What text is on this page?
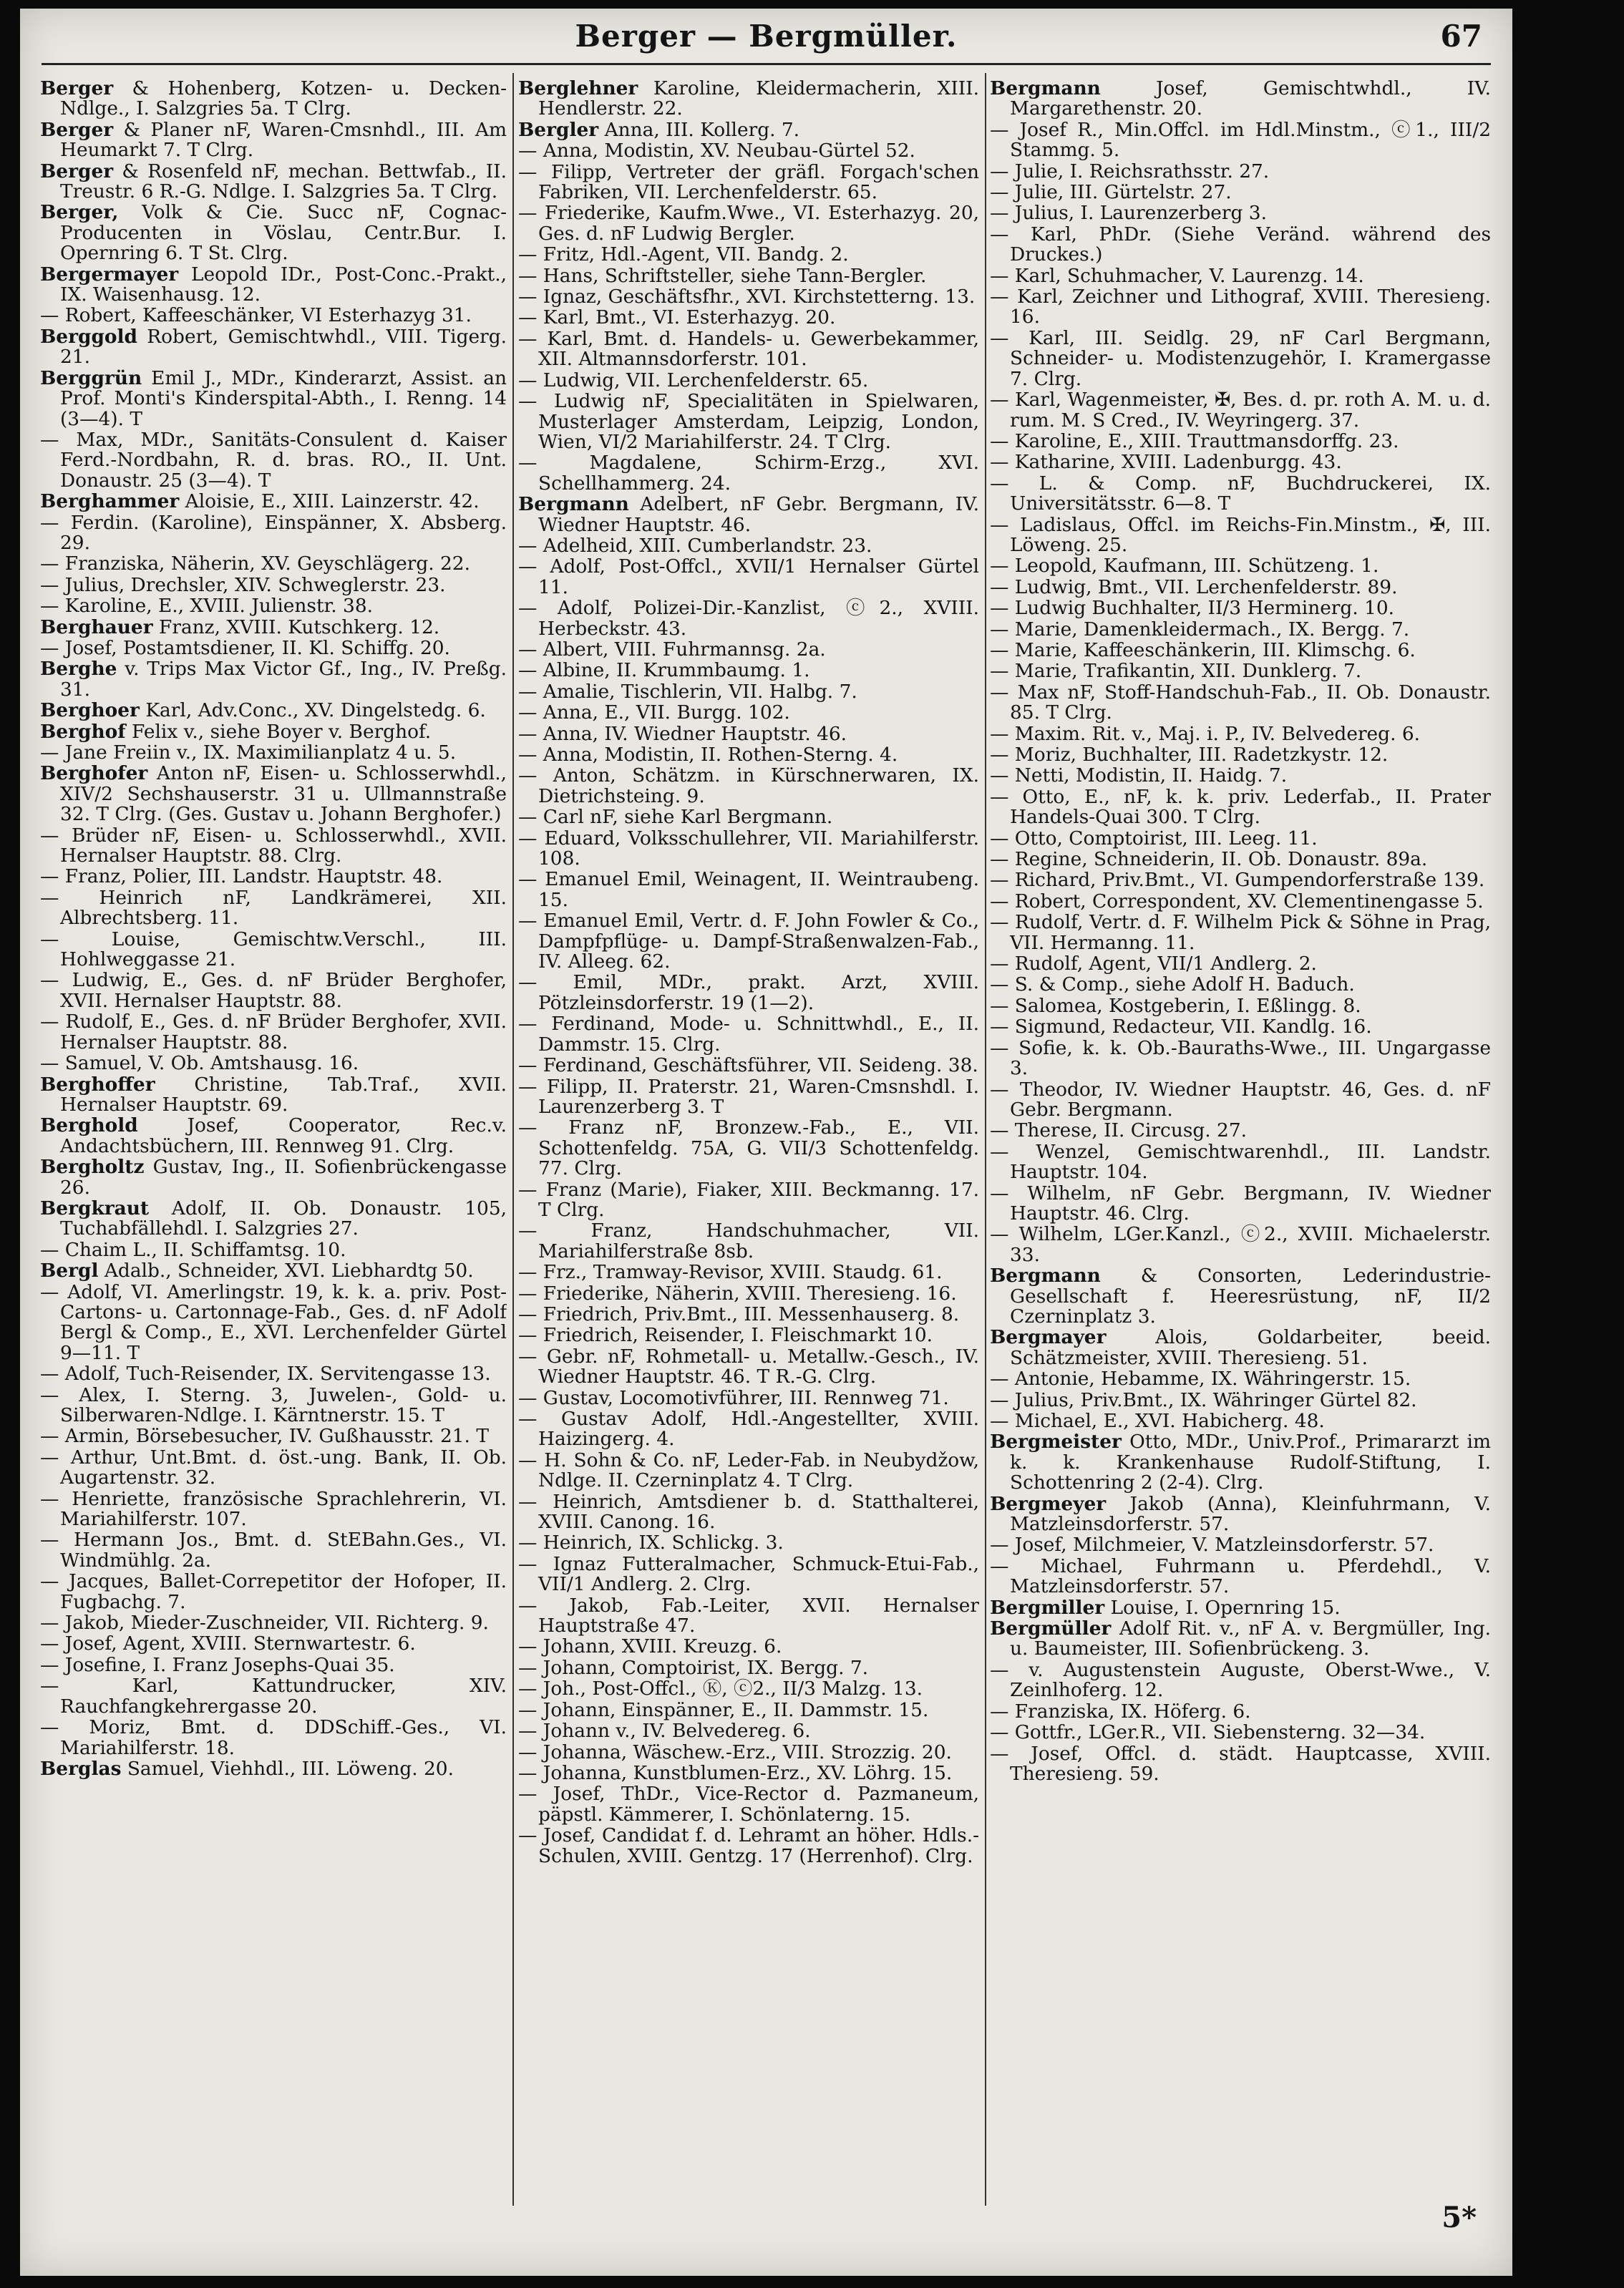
Berger — Bergmüller.	67

Berger & Hohenberg, Kotzen- u. Decken-Ndlge., I. Salzgries 5a. T Clrg.

Berger & Planer nF, Waren-Cmsnhdl., III. Am Heumarkt 7. T Clrg.

Berger & Rosenfeld nF, mechan. Bettwfab., II. Treustr. 6 R.-G. Ndlge. I. Salzgries 5a. T Clrg.

Berger, Volk & Cie. Succ nF, Cognac-Producenten in Vöslau, Centr.Bur. I. Opernring 6. T St. Clrg.

Bergermayer Leopold IDr., Post-Conc.-Prakt., IX. Waisenhausg. 12.

— Robert, Kaffeeschänker, VI Esterhazyg 31.

Berggold Robert, Gemischtwhdl., VIII. Tigerg. 21.

Berggrün Emil J., MDr., Kinderarzt, Assist. an Prof. Monti's Kinderspital-Abth., I. Renng. 14 (3—4). T

— Max, MDr., Sanitäts-Consulent d. Kaiser Ferd.-Nordbahn, R. d. bras. RO., II. Unt. Donaustr. 25 (3—4). T

Berghammer Aloisie, E., XIII. Lainzerstr. 42.

— Ferdin. (Karoline), Einspänner, X. Absberg. 29.

— Franziska, Näherin, XV. Geyschlägerg. 22.

— Julius, Drechsler, XIV. Schweglerstr. 23.

— Karoline, E., XVIII. Julienstr. 38.

Berghauer Franz, XVIII. Kutschkerg. 12.

— Josef, Postamtsdiener, II. Kl. Schiffg. 20.

Berghe v. Trips Max Victor Gf., Ing., IV. Preßg. 31.

Berghoer Karl, Adv.Conc., XV. Dingelstedg. 6.

Berghof Felix v., siehe Boyer v. Berghof.

— Jane Freiin v., IX. Maximilianplatz 4 u. 5.

Berghofer Anton nF, Eisen- u. Schlosserwhdl., XIV/2 Sechshauserstr. 31 u. Ullmannstraße 32. T Clrg. (Ges. Gustav u. Johann Berghofer.)

— Brüder nF, Eisen- u. Schlosserwhdl., XVII. Hernalser Hauptstr. 88. Clrg.

— Franz, Polier, III. Landstr. Hauptstr. 48.

— Heinrich nF, Landkrämerei, XII. Albrechtsberg. 11.

— Louise, Gemischtw.Verschl., III. Hohlweggasse 21.

— Ludwig, E., Ges. d. nF Brüder Berghofer, XVII. Hernalser Hauptstr. 88.

— Rudolf, E., Ges. d. nF Brüder Berghofer, XVII. Hernalser Hauptstr. 88.

— Samuel, V. Ob. Amtshausg. 16.

Berghoffer Christine, Tab.Traf., XVII. Hernalser Hauptstr. 69.

Berghold Josef, Cooperator, Rec.v. Andachtsbüchern, III. Rennweg 91. Clrg.

Bergholtz Gustav, Ing., II. Sofienbrückengasse 26.

Bergkraut Adolf, II. Ob. Donaustr. 105, Tuchabfällehdl. I. Salzgries 27.

— Chaim L., II. Schiffamtsg. 10.

Bergl Adalb., Schneider, XVI. Liebhardtg 50.

— Adolf, VI. Amerlingstr. 19, k. k. a. priv. Post-Cartons- u. Cartonnage-Fab., Ges. d. nF Adolf Bergl & Comp., E., XVI. Lerchenfelder Gürtel 9—11. T

— Adolf, Tuch-Reisender, IX. Servitengasse 13.

— Alex, I. Sterng. 3, Juwelen-, Gold- u. Silberwaren-Ndlge. I. Kärntnerstr. 15. T

— Armin, Börsebesucher, IV. Gußhausstr. 21. T

— Arthur, Unt.Bmt. d. öst.-ung. Bank, II. Ob. Augartenstr. 32.

— Henriette, französische Sprachlehrerin, VI. Mariahilferstr. 107.

— Hermann Jos., Bmt. d. StEBahn.Ges., VI. Windmühlg. 2a.

— Jacques, Ballet-Correpetitor der Hofoper, II. Fugbachg. 7.

— Jakob, Mieder-Zuschneider, VII. Richterg. 9.

— Josef, Agent, XVIII. Sternwartestr. 6.

— Josefine, I. Franz Josephs-Quai 35.

— Karl, Kattundrucker, XIV. Rauchfangkehrergasse 20.

— Moriz, Bmt. d. DDSchiff.-Ges., VI. Mariahilferstr. 18.

Berglas Samuel, Viehhdl., III. Löweng. 20.

Berglehner Karoline, Kleidermacherin, XIII. Hendlerstr. 22.

Bergler Anna, III. Kollerg. 7.

— Anna, Modistin, XV. Neubau-Gürtel 52.

— Filipp, Vertreter der gräfl. Forgach'schen Fabriken, VII. Lerchenfelderstr. 65.

— Friederike, Kaufm.Wwe., VI. Esterhazyg. 20, Ges. d. nF Ludwig Bergler.

— Fritz, Hdl.-Agent, VII. Bandg. 2.

— Hans, Schriftsteller, siehe Tann-Bergler.

— Ignaz, Geschäftsfhr., XVI. Kirchstetterng. 13.

— Karl, Bmt., VI. Esterhazyg. 20.

— Karl, Bmt. d. Handels- u. Gewerbekammer, XII. Altmannsdorferstr. 101.

— Ludwig, VII. Lerchenfelderstr. 65.

— Ludwig nF, Specialitäten in Spielwaren, Musterlager Amsterdam, Leipzig, London, Wien, VI/2 Mariahilferstr. 24. T Clrg.

— Magdalene, Schirm-Erzg., XVI. Schellhammerg. 24.

Bergmann Adelbert, nF Gebr. Bergmann, IV. Wiedner Hauptstr. 46.

— Adelheid, XIII. Cumberlandstr. 23.

— Adolf, Post-Offcl., XVII/1 Hernalser Gürtel 11.

— Adolf, Polizei-Dir.-Kanzlist, ⓒ2., XVIII. Herbeckstr. 43.

— Albert, VIII. Fuhrmannsg. 2a.

— Albine, II. Krummbaumg. 1.

— Amalie, Tischlerin, VII. Halbg. 7.

— Anna, E., VII. Burgg. 102.

— Anna, IV. Wiedner Hauptstr. 46.

— Anna, Modistin, II. Rothen-Sterng. 4.

— Anton, Schätzm. in Kürschnerwaren, IX. Dietrichsteing. 9.

— Carl nF, siehe Karl Bergmann.

— Eduard, Volksschullehrer, VII. Mariahilferstr. 108.

— Emanuel Emil, Weinagent, II. Weintraubeng. 15.

— Emanuel Emil, Vertr. d. F. John Fowler & Co., Dampfpflüge- u. Dampf-Straßenwalzen-Fab., IV. Alleeg. 62.

— Emil, MDr., prakt. Arzt, XVIII. Pötzleinsdorferstr. 19 (1—2).

— Ferdinand, Mode- u. Schnittwhdl., E., II. Dammstr. 15. Clrg.

— Ferdinand, Geschäftsführer, VII. Seideng. 38.

— Filipp, II. Praterstr. 21, Waren-Cmsnshdl. I. Laurenzerberg 3. T

— Franz nF, Bronzew.-Fab., E., VII. Schottenfeldg. 75A, G. VII/3 Schottenfeldg. 77. Clrg.

— Franz (Marie), Fiaker, XIII. Beckmanng. 17. T Clrg.

— Franz, Handschuhmacher, VII. Mariahilferstraße 8sb.

— Frz., Tramway-Revisor, XVIII. Staudg. 61.

— Friederike, Näherin, XVIII. Theresieng. 16.

— Friedrich, Priv.Bmt., III. Messenhauserg. 8.

— Friedrich, Reisender, I. Fleischmarkt 10.

— Gebr. nF, Rohmetall- u. Metallw.-Gesch., IV. Wiedner Hauptstr. 46. T R.-G. Clrg.

— Gustav, Locomotivführer, III. Rennweg 71.

— Gustav Adolf, Hdl.-Angestellter, XVIII. Haizingerg. 4.

— H. Sohn & Co. nF, Leder-Fab. in Neubydžow, Ndlge. II. Czerninplatz 4. T Clrg.

— Heinrich, Amtsdiener b. d. Statthalterei, XVIII. Canong. 16.

— Heinrich, IX. Schlickg. 3.

— Ignaz Futteralmacher, Schmuck-Etui-Fab., VII/1 Andlerg. 2. Clrg.

— Jakob, Fab.-Leiter, XVII. Hernalser Hauptstraße 47.

— Johann, XVIII. Kreuzg. 6.

— Johann, Comptoirist, IX. Bergg. 7.

— Joh., Post-Offcl., Ⓚ, ⓒ2., II/3 Malzg. 13.

— Johann, Einspänner, E., II. Dammstr. 15.

— Johann v., IV. Belvedereg. 6.

— Johanna, Wäschew.-Erz., VIII. Strozzig. 20.

— Johanna, Kunstblumen-Erz., XV. Löhrg. 15.

— Josef, ThDr., Vice-Rector d. Pazmaneum, päpstl. Kämmerer, I. Schönlaterng. 15.

— Josef, Candidat f. d. Lehramt an höher. Hdls.-Schulen, XVIII. Gentzg. 17 (Herrenhof). Clrg.

Bergmann Josef, Gemischtwhdl., IV. Margarethenstr. 20.

— Josef R., Min.Offcl. im Hdl.Minstm., ⓒ1., III/2 Stammg. 5.

— Julie, I. Reichsrathsstr. 27.

— Julie, III. Gürtelstr. 27.

— Julius, I. Laurenzerberg 3.

— Karl, PhDr. (Siehe Veränd. während des Druckes.)

— Karl, Schuhmacher, V. Laurenzg. 14.

— Karl, Zeichner und Lithograf, XVIII. Theresieng. 16.

— Karl, III. Seidlg. 29, nF Carl Bergmann, Schneider- u. Modistenzugehör, I. Kramergasse 7. Clrg.

— Karl, Wagenmeister, ✠, Bes. d. pr. roth A. M. u. d. rum. M. S Cred., IV. Weyringerg. 37.

— Karoline, E., XIII. Trauttmansdorffg. 23.

— Katharine, XVIII. Ladenburgg. 43.

— L. & Comp. nF, Buchdruckerei, IX. Universitätsstr. 6—8. T

— Ladislaus, Offcl. im Reichs-Fin.Minstm., ✠, III. Löweng. 25.

— Leopold, Kaufmann, III. Schützeng. 1.

— Ludwig, Bmt., VII. Lerchenfelderstr. 89.

— Ludwig Buchhalter, II/3 Herminerg. 10.

— Marie, Damenkleidermach., IX. Bergg. 7.

— Marie, Kaffeeschänkerin, III. Klimschg. 6.

— Marie, Trafikantin, XII. Dunklerg. 7.

— Max nF, Stoff-Handschuh-Fab., II. Ob. Donaustr. 85. T Clrg.

— Maxim. Rit. v., Maj. i. P., IV. Belvedereg. 6.

— Moriz, Buchhalter, III. Radetzkystr. 12.

— Netti, Modistin, II. Haidg. 7.

— Otto, E., nF, k. k. priv. Lederfab., II. Prater Handels-Quai 300. T Clrg.

— Otto, Comptoirist, III. Leeg. 11.

— Regine, Schneiderin, II. Ob. Donaustr. 89a.

— Richard, Priv.Bmt., VI. Gumpendorferstraße 139.

— Robert, Correspondent, XV. Clementinengasse 5.

— Rudolf, Vertr. d. F. Wilhelm Pick & Söhne in Prag, VII. Hermanng. 11.

— Rudolf, Agent, VII/1 Andlerg. 2.

— S. & Comp., siehe Adolf H. Baduch.

— Salomea, Kostgeberin, I. Eßlingg. 8.

— Sigmund, Redacteur, VII. Kandlg. 16.

— Sofie, k. k. Ob.-Bauraths-Wwe., III. Ungargasse 3.

— Theodor, IV. Wiedner Hauptstr. 46, Ges. d. nF Gebr. Bergmann.

— Therese, II. Circusg. 27.

— Wenzel, Gemischtwarenhdl., III. Landstr. Hauptstr. 104.

— Wilhelm, nF Gebr. Bergmann, IV. Wiedner Hauptstr. 46. Clrg.

— Wilhelm, LGer.Kanzl., ⓒ2., XVIII. Michaelerstr. 33.

Bergmann & Consorten, Lederindustrie-Gesellschaft f. Heeresrüstung, nF, II/2 Czerninplatz 3.

Bergmayer Alois, Goldarbeiter, beeid. Schätzmeister, XVIII. Theresieng. 51.

— Antonie, Hebamme, IX. Währingerstr. 15.

— Julius, Priv.Bmt., IX. Währinger Gürtel 82.

— Michael, E., XVI. Habicherg. 48.

Bergmeister Otto, MDr., Univ.Prof., Primararzt im k. k. Krankenhause Rudolf-Stiftung, I. Schottenring 2 (2-4). Clrg.

Bergmeyer Jakob (Anna), Kleinfuhrmann, V. Matzleinsdorferstr. 57.

— Josef, Milchmeier, V. Matzleinsdorferstr. 57.

— Michael, Fuhrmann u. Pferdehdl., V. Matzleinsdorferstr. 57.

Bergmiller Louise, I. Opernring 15.

Bergmüller Adolf Rit. v., nF A. v. Bergmüller, Ing. u. Baumeister, III. Sofienbrückeng. 3.

— v. Augustenstein Auguste, Oberst-Wwe., V. Zeinlhoferg. 12.

— Franziska, IX. Höferg. 6.

— Gottfr., LGer.R., VII. Siebensterng. 32—34.

— Josef, Offcl. d. städt. Hauptcasse, XVIII. Theresieng. 59.

5*
